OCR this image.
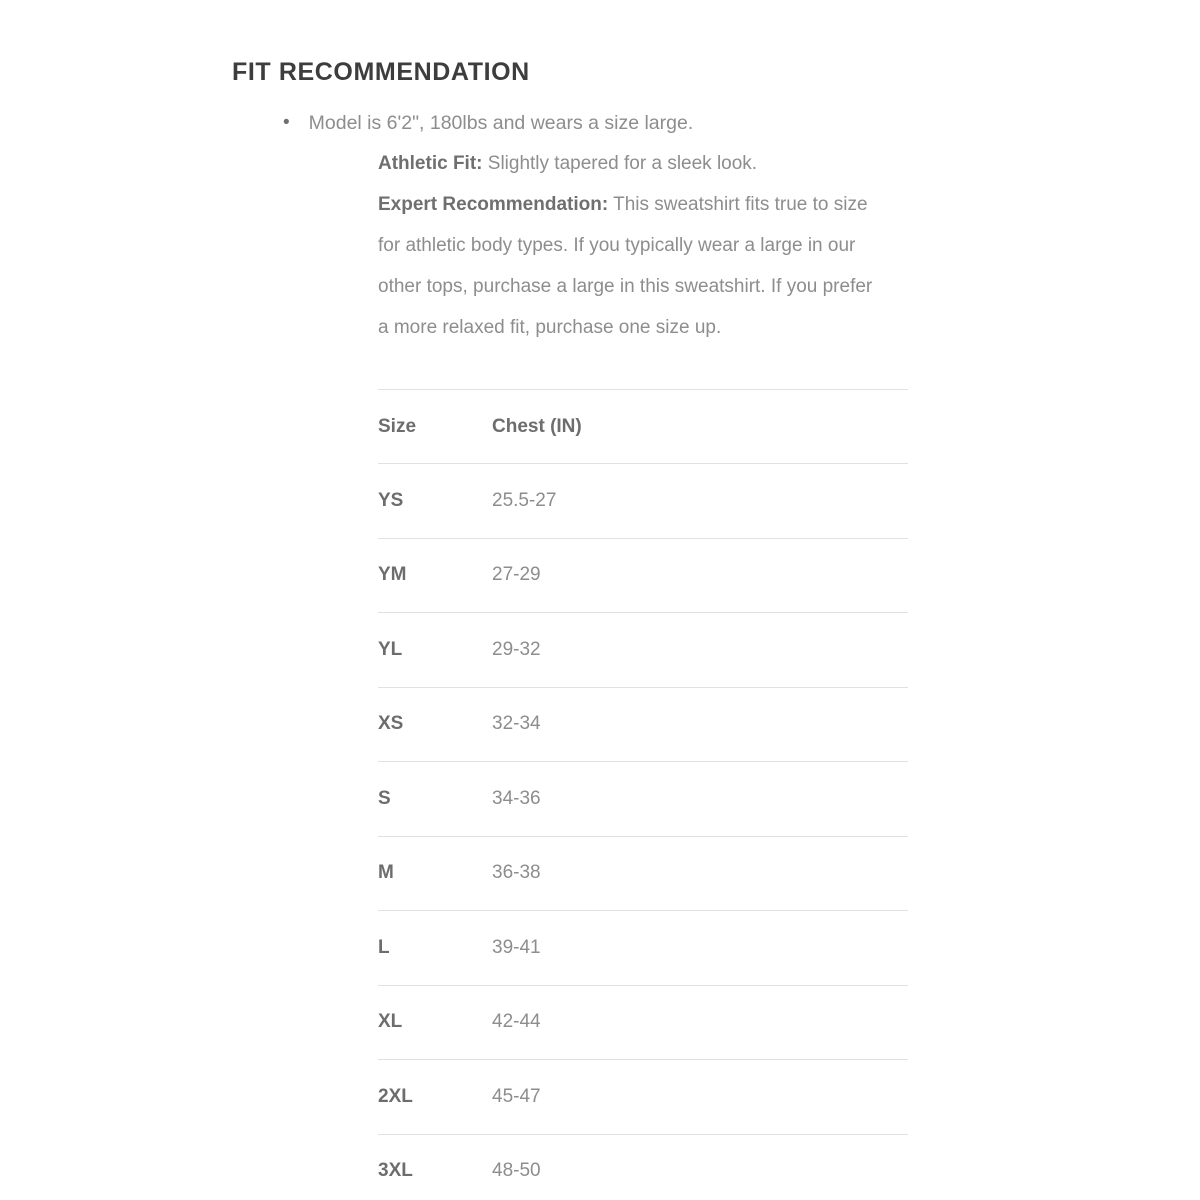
FIT RECOMMENDATION
• Model is 6'2", 180lbs and wears a size large.

Athletic Fit: Slightly tapered for a sleek look.

Expert Recommendation: This sweatshirt fits true to size for athletic body types. If you typically wear a large in our other tops, purchase a large in this sweatshirt. If you prefer a more relaxed fit, purchase one size up.

Size	Chest (IN)
YS	25.5-27
YM	27-29
YL	29-32
XS	32-34
S	34-36
M	36-38
L	39-41
XL	42-44
2XL	45-47
3XL	48-50
